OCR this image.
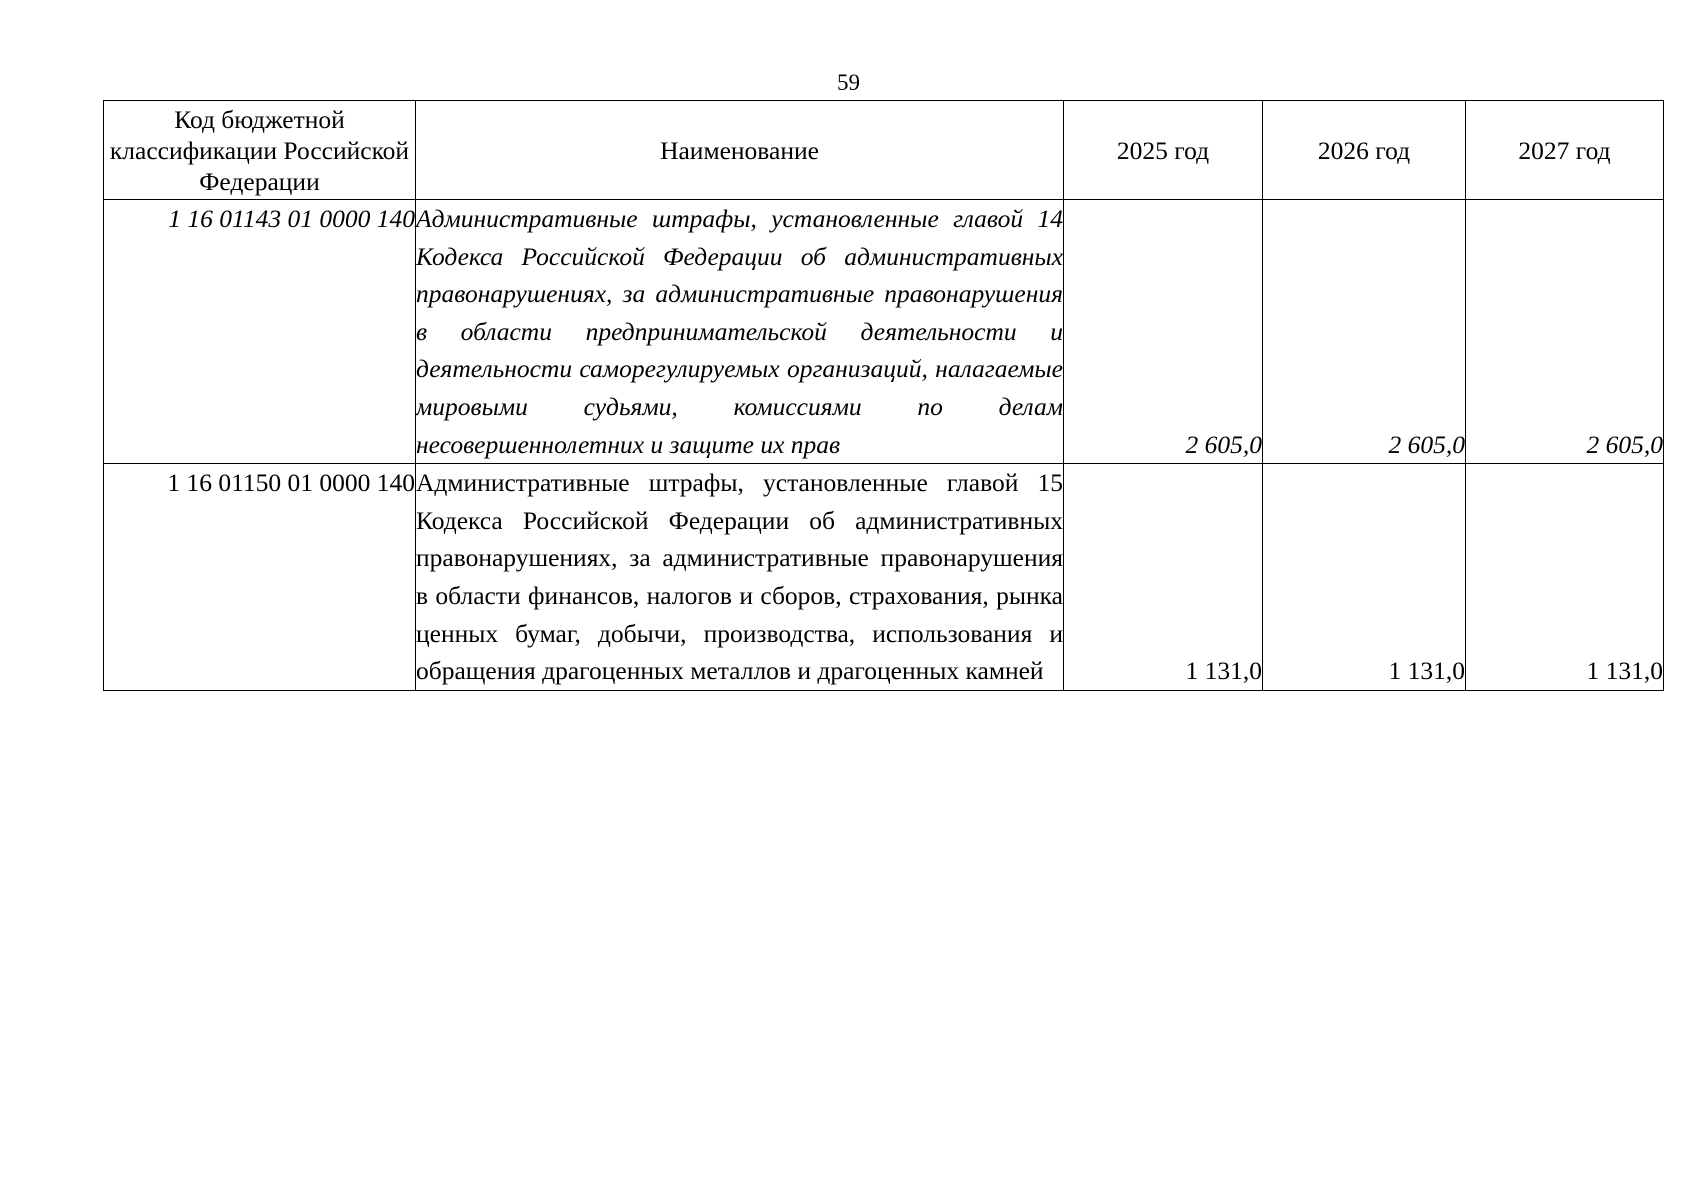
59
Код бюджетной классификации Российской Федерации	Наименование	2025 год	2026 год	2027 год
1 16 01143 01 0000 140	Административные штрафы, установленные главой 14 Кодекса Российской Федерации об административных правонарушениях, за административные правонарушения в области предпринимательской деятельности и деятельности саморегулируемых организаций, налагаемые мировыми судьями, комиссиями по делам несовершеннолетних и защите их прав	2 605,0	2 605,0	2 605,0
1 16 01150 01 0000 140	Административные штрафы, установленные главой 15 Кодекса Российской Федерации об административных правонарушениях, за административные правонарушения в области финансов, налогов и сборов, страхования, рынка ценных бумаг, добычи, производства, использования и обращения драгоценных металлов и драгоценных камней	1 131,0	1 131,0	1 131,0
